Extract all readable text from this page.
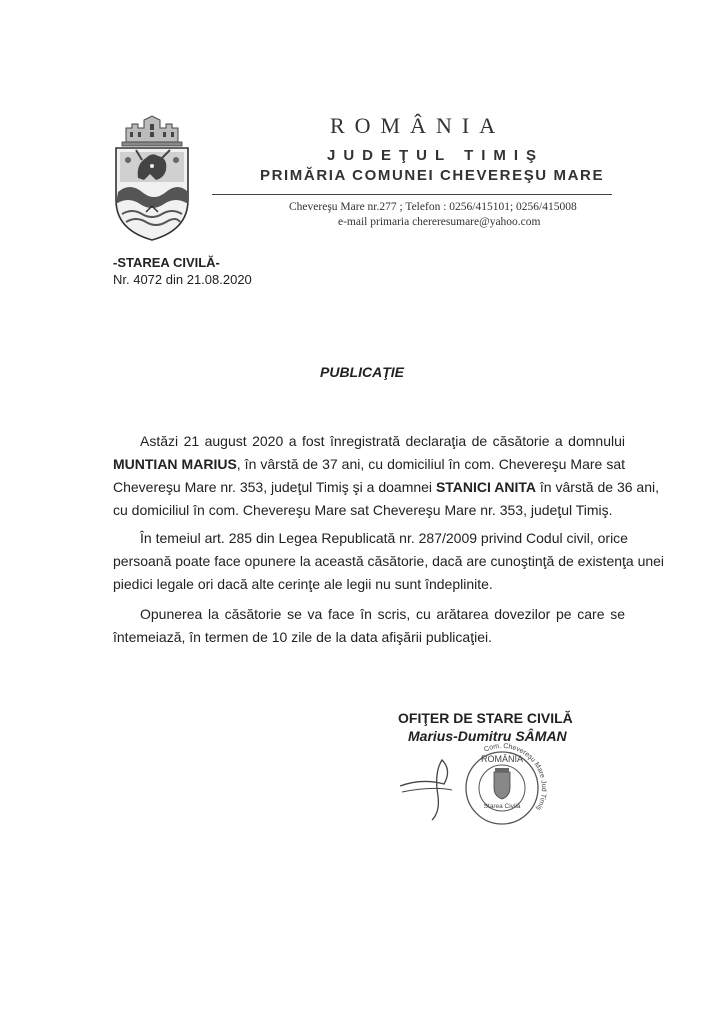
ROMÂNIA
JUDEŢUL TIMIŞ
PRIMĂRIA COMUNEI CHEVEREŞU MARE
Chevereşu Mare nr.277 ; Telefon : 0256/415101; 0256/415008
e-mail primaria chereresumare@yahoo.com
-STAREA CIVILĂ-
Nr. 4072 din 21.08.2020
PUBLICAŢIE
Astăzi 21 august 2020 a fost înregistrată declaraţia de căsătorie a domnului
MUNTIAN MARIUS, în vârstă de 37 ani, cu domiciliul în com. Chevereşu Mare sat
Chevereşu Mare nr. 353, judeţul Timiş şi a doamnei STANICI ANITA în vârstă de 36 ani,
cu domiciliul în com. Chevereşu Mare sat Chevereşu Mare nr. 353, judeţul Timiş.
În temeiul art. 285 din Legea Republicată nr. 287/2009 privind Codul civil, orice
persoană poate face opunere la această căsătorie, dacă are cunoştinţă de existenţa unei
piedici legale ori dacă alte cerinţe ale legii nu sunt îndeplinite.
Opunerea la căsătorie se va face în scris, cu arătarea dovezilor pe care se
întemeiază, în termen de 10 zile de la data afişării publicaţiei.
OFIŢER DE STARE CIVILĂ
Marius-Dumitru SÂMAN
ROMÂNIA
Com. Chevereşu Mare Jud Timiş
Starea Civilă
